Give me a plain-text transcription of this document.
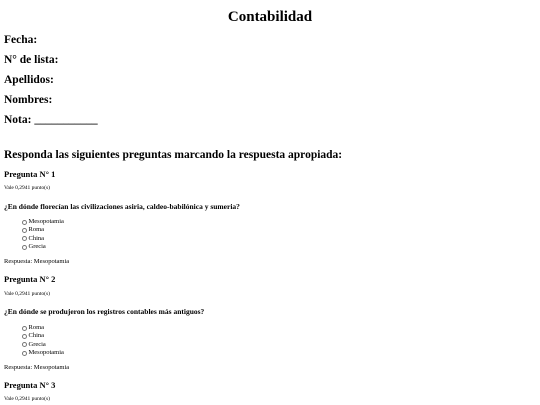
Contabilidad
Fecha:
N° de lista:
Apellidos:
Nombres:
Nota: ___________
Responda las siguientes preguntas marcando la respuesta apropiada:
Pregunta N° 1
Vale 0,2941 punto(s)
¿En dónde florecían las civilizaciones asiria, caldeo-babilónica y sumeria?
Mesopotamia
Roma
China
Grecia
Respuesta: Mesopotamia
Pregunta N° 2
Vale 0,2941 punto(s)
¿En dónde se produjeron los registros contables más antiguos?
Roma
China
Grecia
Mesopotamia
Respuesta: Mesopotamia
Pregunta N° 3
Vale 0,2941 punto(s)
